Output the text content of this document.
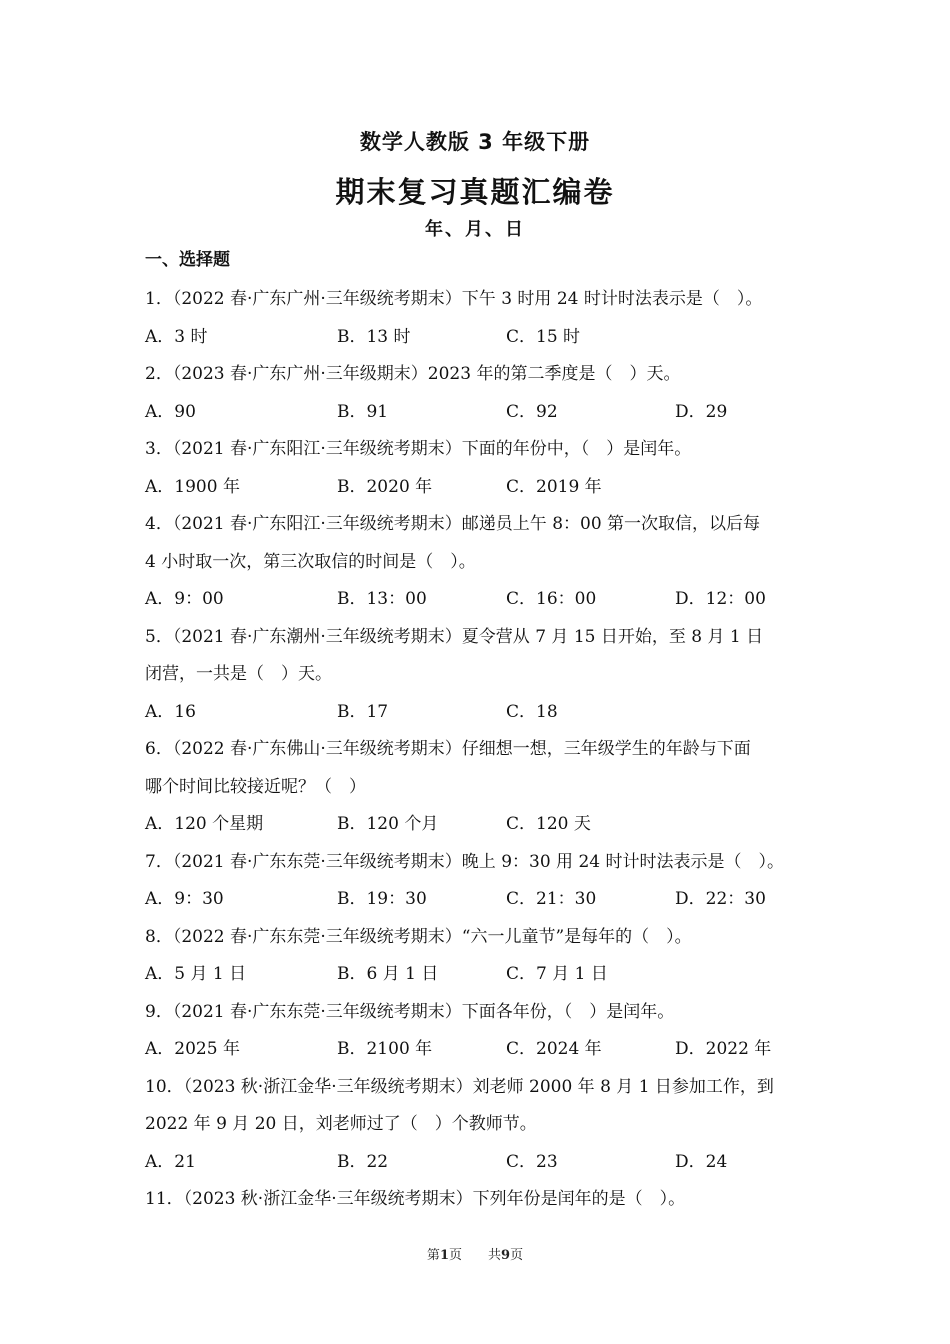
数学人教版 3 年级下册
期末复习真题汇编卷
年、月、日
一、选择题
1．（2022 春·广东广州·三年级统考期末）下午 3 时用 24 时计时法表示是（　）。
A．3 时	B．13 时	C．15 时
2．（2023 春·广东广州·三年级期末）2023 年的第二季度是（　）天。
A．90	B．91	C．92	D．29
3．（2021 春·广东阳江·三年级统考期末）下面的年份中，（　）是闰年。
A．1900 年	B．2020 年	C．2019 年
4．（2021 春·广东阳江·三年级统考期末）邮递员上午 8：00 第一次取信，以后每
4 小时取一次，第三次取信的时间是（　）。
A．9：00	B．13：00	C．16：00	D．12：00
5．（2021 春·广东潮州·三年级统考期末）夏令营从 7 月 15 日开始，至 8 月 1 日
闭营，一共是（　）天。
A．16	B．17	C．18
6．（2022 春·广东佛山·三年级统考期末）仔细想一想，三年级学生的年龄与下面
哪个时间比较接近呢？（　）
A．120 个星期	B．120 个月	C．120 天
7．（2021 春·广东东莞·三年级统考期末）晚上 9：30 用 24 时计时法表示是（　）。
A．9：30	B．19：30	C．21：30	D．22：30
8．（2022 春·广东东莞·三年级统考期末）“六一儿童节”是每年的（　）。
A．5 月 1 日	B．6 月 1 日	C．7 月 1 日
9．（2021 春·广东东莞·三年级统考期末）下面各年份，（　）是闰年。
A．2025 年	B．2100 年	C．2024 年	D．2022 年
10．（2023 秋·浙江金华·三年级统考期末）刘老师 2000 年 8 月 1 日参加工作，到
2022 年 9 月 20 日，刘老师过了（　）个教师节。
A．21	B．22	C．23	D．24
11．（2023 秋·浙江金华·三年级统考期末）下列年份是闰年的是（　）。
第1页 共9页
